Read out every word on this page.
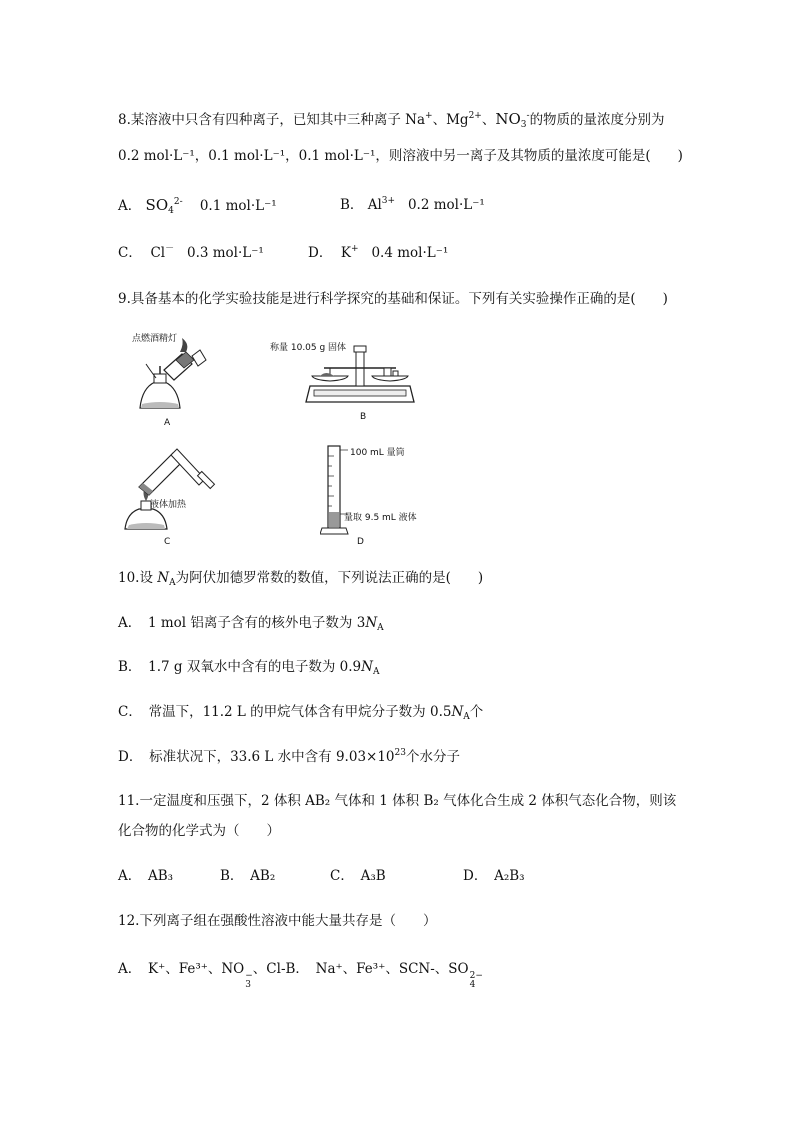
8.某溶液中只含有四种离子，已知其中三种离子 Na+、$Mg^{2+}$、$NO_3^-$的物质的量浓度分别为
0.2 mol·L⁻¹，0.1 mol·L⁻¹，0.1 mol·L⁻¹，则溶液中另一离子及其物质的量浓度可能是(　　)
A． $SO_4^{2-}$ 0.1 mol·L⁻¹	B． $Al^{3+}$ 0.2 mol·L⁻¹
C． Cl－ 0.3 mol·L⁻¹	D． K+ 0.4 mol·L⁻¹
9.具备基本的化学实验技能是进行科学探究的基础和保证。下列有关实验操作正确的是(　　)
点燃酒精灯
A
称量 10.05 g 固体
B
液体加热
C
100 mL 量筒
量取 9.5 mL 液体
D
10.设 $N_A$为阿伏加德罗常数的数值，下列说法正确的是(　　)
A．　1 mol 铝离子含有的核外电子数为 $3N_A$
B．　1.7 g 双氧水中含有的电子数为 $0.9N_A$
C．　常温下，11.2 L 的甲烷气体含有甲烷分子数为 $0.5N_A$个
D．　标准状况下，33.6 L 水中含有 $9.03\times 10^{23}$个水分子
11.一定温度和压强下，2 体积 AB₂ 气体和 1 体积 B₂ 气体化合生成 2 体积气态化合物，则该
化合物的化学式为（　　）
A．　AB₃	B．　AB₂	C．　A₃B	D．　A₂B₃
12.下列离子组在强酸性溶液中能大量共存是（　　）
A．　K⁺、Fe³⁺、NO −
3
、Cl-B．　Na⁺、Fe³⁺、SCN-、SO 2−
4
